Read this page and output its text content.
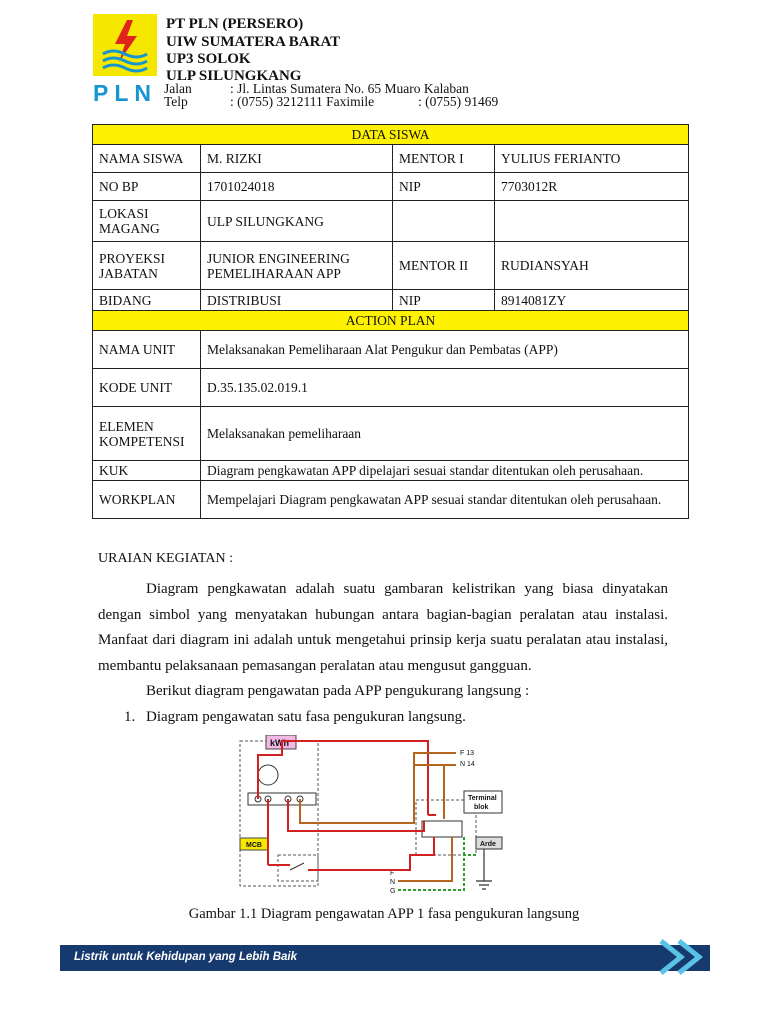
PLN
PT PLN (PERSERO)
UIW SUMATERA BARAT
UP3 SOLOK
ULP SILUNGKANG
Jalan	: Jl. Lintas Sumatera No. 65 Muaro Kalaban
Telp	: (0755) 3212111 Faximile	: (0755) 91469
DATA SISWA			
NAMA SISWA	M. RIZKI	MENTOR I	YULIUS FERIANTO
NO BP	1701024018	NIP	7703012R
LOKASI MAGANG	ULP SILUNGKANG		
PROYEKSI JABATAN	JUNIOR ENGINEERING PEMELIHARAAN APP	MENTOR II	RUDIANSYAH
BIDANG	DISTRIBUSI	NIP	8914081ZY
ACTION PLAN			
NAMA UNIT	Melaksanakan Pemeliharaan Alat Pengukur dan Pembatas (APP)		
KODE UNIT	D.35.135.02.019.1		
ELEMEN KOMPETENSI	Melaksanakan pemeliharaan		
KUK	Diagram pengkawatan APP dipelajari sesuai standar ditentukan oleh perusahaan.		
WORKPLAN	Mempelajari Diagram pengkawatan APP sesuai standar ditentukan oleh perusahaan.		
URAIAN KEGIATAN :
Diagram pengkawatan adalah suatu gambaran kelistrikan yang biasa dinyatakan dengan simbol yang menyatakan hubungan antara bagian-bagian peralatan atau instalasi. Manfaat dari diagram ini adalah untuk mengetahui prinsip kerja suatu peralatan atau instalasi, membantu pelaksanaan pemasangan peralatan atau mengusut gangguan.
Berikut diagram pengawatan pada APP pengukurang langsung :
1. Diagram pengawatan satu fasa pengukuran langsung.
kWh
MCB
Terminal
blok
Arde
F 13
N 14
F
N
G
Gambar 1.1 Diagram pengawatan APP 1 fasa pengukuran langsung
Listrik untuk Kehidupan yang Lebih Baik
